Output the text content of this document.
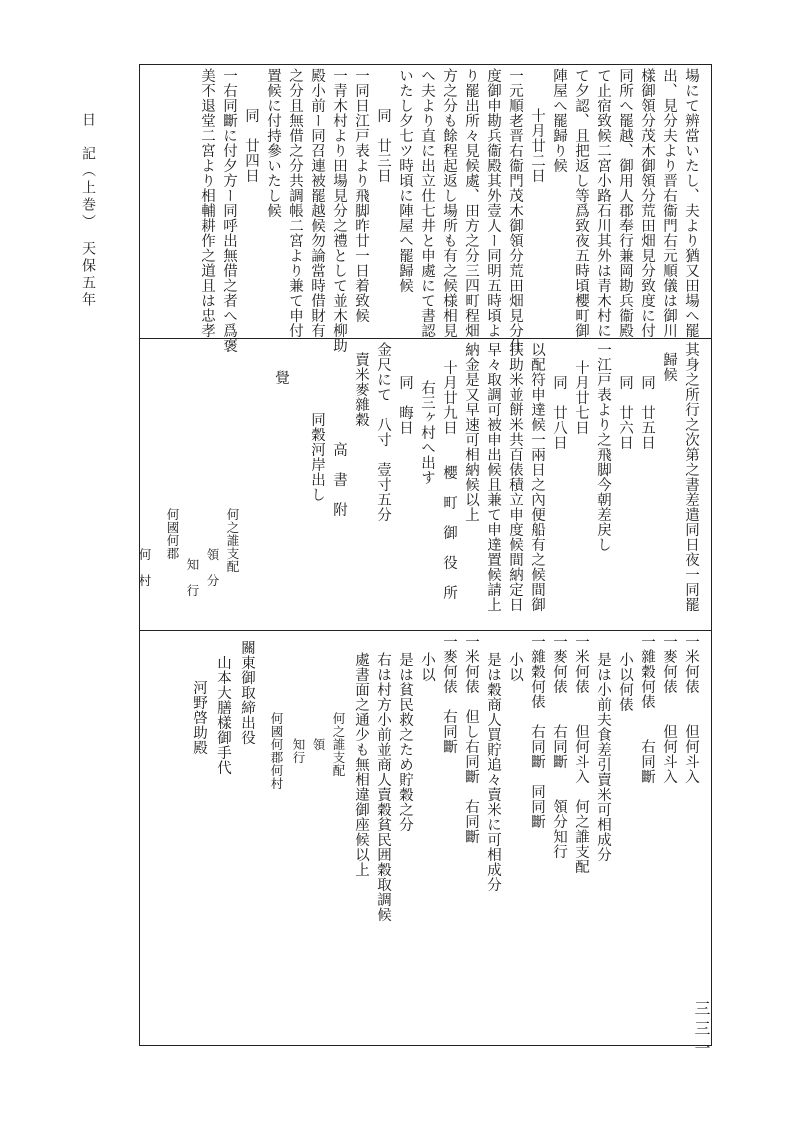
日　記（上巻）　天保五年
三三一
場にて辨當いたし、夫より猶又田場へ罷
出、見分夫より晋右衞門右元順儀は御川
樣御領分茂木御領分荒田畑見分致度に付
同所へ罷越、御用人郡奉行兼岡勘兵衞殿
て止宿致候二宮小路石川其外は青木村に
て夕認、且把返し等爲致夜五時頃櫻町御
陣屋へ罷歸り候
十月廿二日
一元順老晋右衞門茂木御領分荒田畑見分仕
度御申勘兵衞殿其外壹人ー同明五時頃よ
り罷出所々見候處、田方之分三四町程畑
方之分も餘程起返し場所も有之候様相見
へ夫より直に出立仕七井と申處にて書認
いたし夕七ツ時頃に陣屋へ罷歸候
同　廿三日
一同日江戸表より飛脚昨廿一日着致候
一青木村より田場見分之禮として並木柳助
殿小前ー同召連被罷越候勿論當時借財有
之分且無借之分共調帳二宮より兼て申付
置候に付持參いたし候
同　廿四日
一右同斷に付夕方ー同呼出無借之者へ爲褒
美不退堂二宮より相輔耕作之道且は忠孝
其身之所行之次第之書差遣同日夜一同罷
歸候
同　廿五日
同　廿六日
一江戸表より之飛脚今朝差戻し
十月廿七日
同　廿八日
以配符申達候一兩日之內便船有之候間御
扶助米並餅米共百俵積立申度候間納定日
早々取調可被申出候且兼て申達置候請上
納金是又早速可相納候以上
十月廿九日　　櫻　町　御　役　所
右三ヶ村へ出す
同　晦日
金尺にて　八寸　壹寸五分
賣米麥雜穀
　　　　　　高　書　附
　　　　同穀河岸出し
覺
何之誰支配
領　分
知　行
何國何郡
何　村
一米何俵　　但何斗入
一麥何俵　　但何斗入
一雜穀何俵　　右同斷
小以何俵
是は小前夫食差引賣米可相成分
一米何俵　　但何斗入　何之誰支配
一麥何俵　　右同斷　　領分知行
一雜穀何俵　右同斷　同同斷
小以
是は穀商人買貯追々賣米に可相成分
一米何俵　但し右同斷　右同斷
一麥何俵　右同斷
小以
是は貧民救之ため貯穀之分
右は村方小前並商人賣穀貧民囲穀取調候
處書面之通少も無相違御座候以上
　　　　何之誰支配
　　　　　　領
　　　　　　知行
　　　　何國何郡何村
關東御取締出役
山本大膳樣御手代
河野啓助殿
